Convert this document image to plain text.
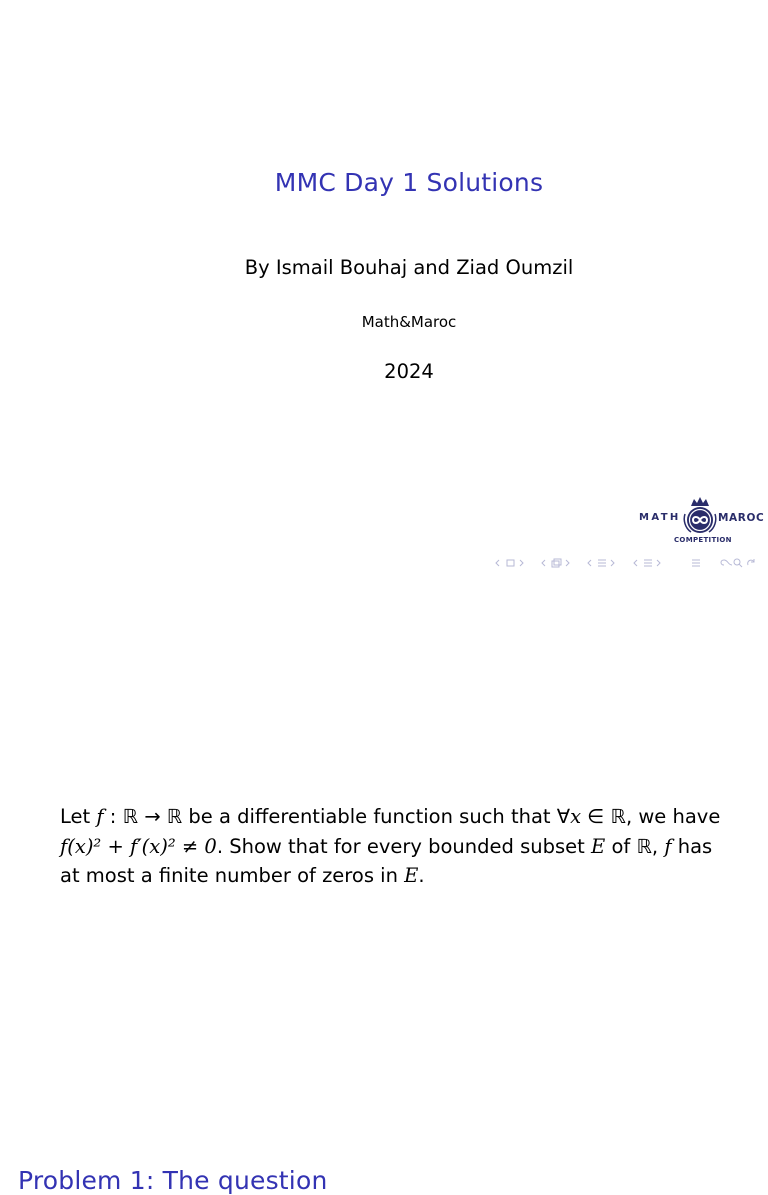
MMC Day 1 Solutions
By Ismail Bouhaj and Ziad Oumzil
Math&Maroc
2024
MATH	MAROC
COMPETITION
Problem 1: The question

Let f : ℝ → ℝ be a differentiable function such that ∀x ∈ ℝ, we have

f(x)² + f′(x)² ≠ 0. Show that for every bounded subset E of ℝ, f has

at most a finite number of zeros in E.
